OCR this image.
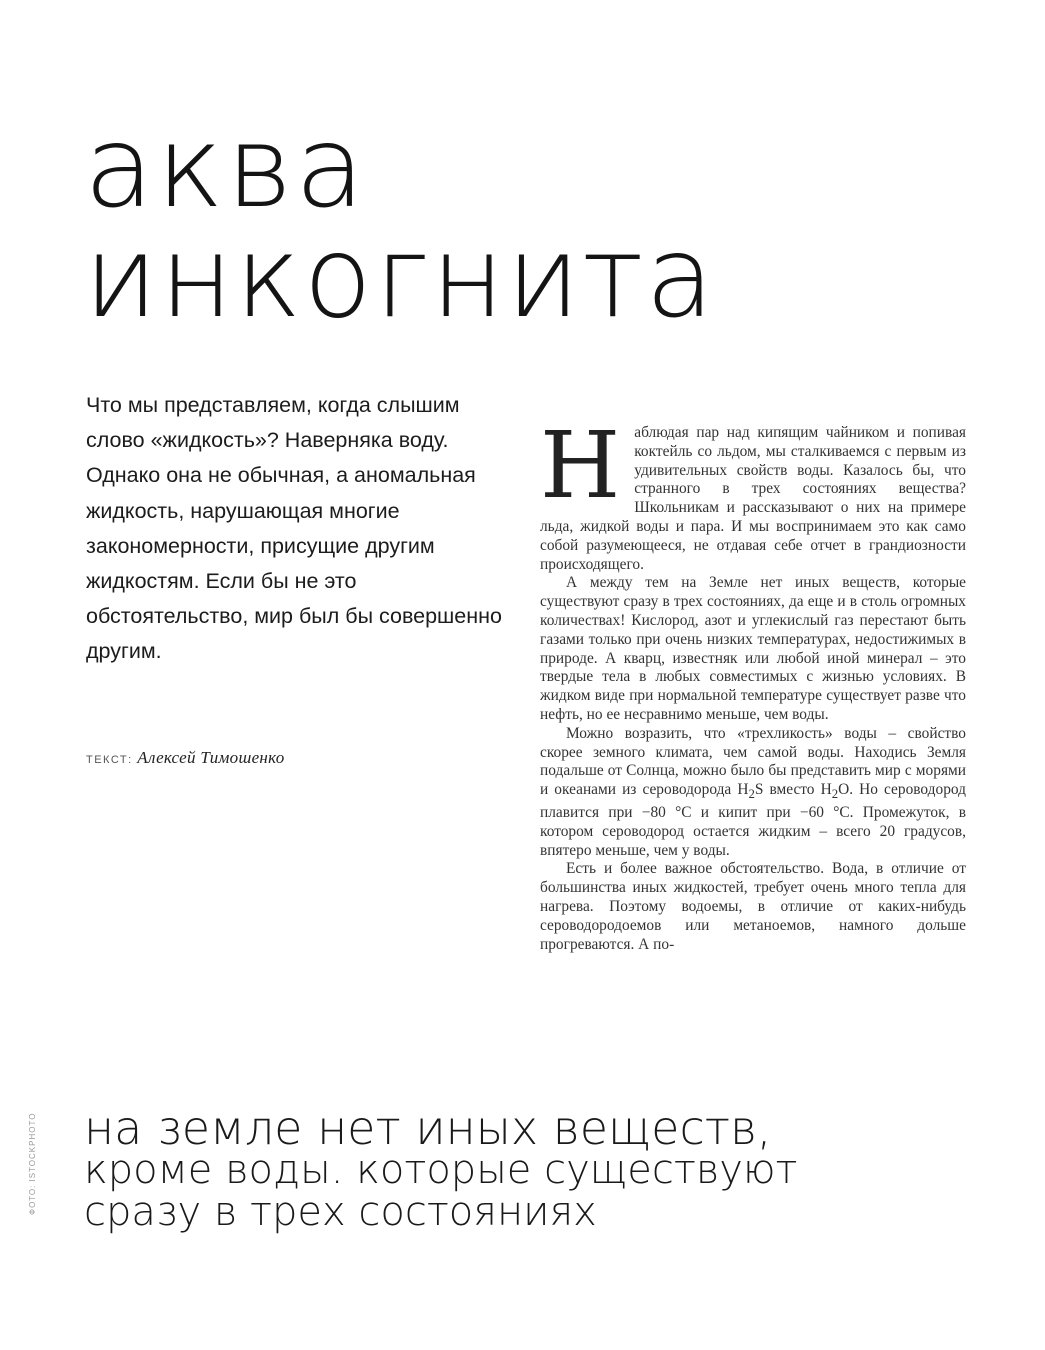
аква
инкогнита

Что мы представляем, когда слышим слово «жидкость»? Наверняка воду. Однако она не обычная, а аномальная жидкость, нарушающая многие закономерности, присущие другим жидкостям. Если бы не это обстоятельство, мир был бы совершенно другим.

ТЕКСТ: Алексей Тимошенко
Н аблюдая пар над кипящим чайником и попивая коктейль со льдом, мы сталкиваемся с первым из удивительных свойств воды. Казалось бы, что странного в трех состояниях вещества? Школьникам и рассказывают о них на примере льда, жидкой воды и пара. И мы воспринимаем это как само собой разумеющееся, не отдавая себе отчет в грандиозности происходящего.

А между тем на Земле нет иных веществ, которые существуют сразу в трех состояниях, да еще и в столь огромных количествах! Кислород, азот и углекислый газ перестают быть газами только при очень низких температурах, недостижимых в природе. А кварц, известняк или любой иной минерал – это твердые тела в любых совместимых с жизнью условиях. В жидком виде при нормальной температуре существует разве что нефть, но ее несравнимо меньше, чем воды.

Можно возразить, что «трехликость» воды – свойство скорее земного климата, чем самой воды. Находись Земля подальше от Солнца, можно было бы представить мир с морями и океанами из сероводорода $H_2S$ вместо $H_2O$. Но сероводород плавится при −80 °C и кипит при −60 °C. Промежуток, в котором сероводород остается жидким – всего 20 градусов, впятеро меньше, чем у воды.

Есть и более важное обстоятельство. Вода, в отличие от большинства иных жидкостей, требует очень много тепла для нагрева. Поэтому водоемы, в отличие от каких-нибудь сероводородоемов или метаноемов, намного дольше прогреваются. А по-

на земле нет иных веществ,
кроме воды. которые существуют
сразу в трех состояниях
ФОТО: ISTOCKPHOTO
